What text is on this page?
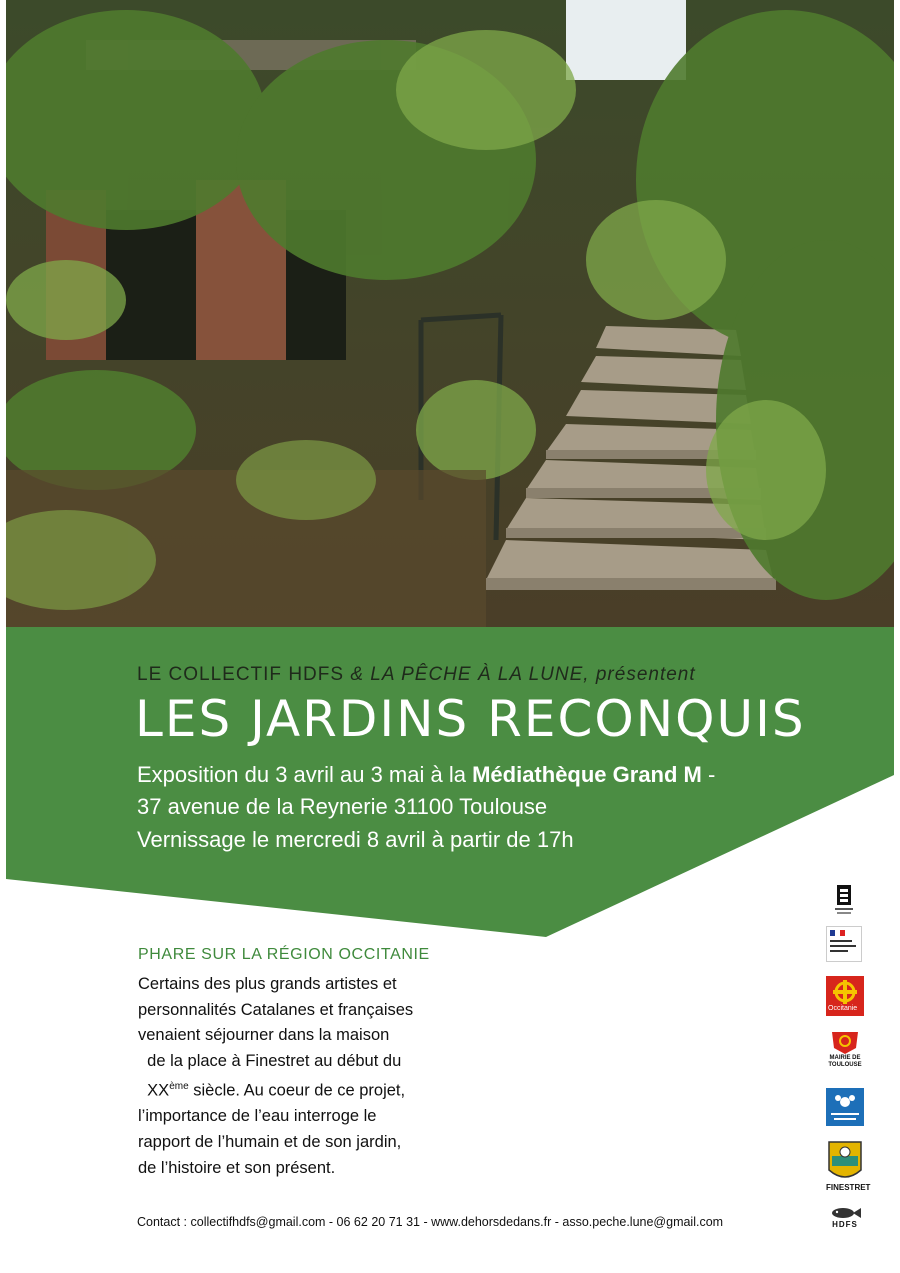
LE COLLECTIF HDFS & LA PÊCHE À LA LUNE, présentent
LES JARDINS RECONQUIS
Exposition du 3 avril au 3 mai à la Médiathèque Grand M -
37 avenue de la Reynerie 31100 Toulouse
Vernissage le mercredi 8 avril à partir de 17h
PHARE SUR LA RÉGION OCCITANIE
Certains des plus grands artistes et
personnalités Catalanes et françaises
venaient séjourner dans la maison
de la place à Finestret au début du
XXème siècle. Au coeur de ce projet,
l’importance de l’eau interroge le
rapport de l’humain et de son jardin,
de l’histoire et son présent.
Occitanie
MAIRIE DE TOULOUSE
FINESTRET
HDFS
Contact : collectifhdfs@gmail.com - 06 62 20 71 31 - www.dehorsdedans.fr - asso.peche.lune@gmail.com
